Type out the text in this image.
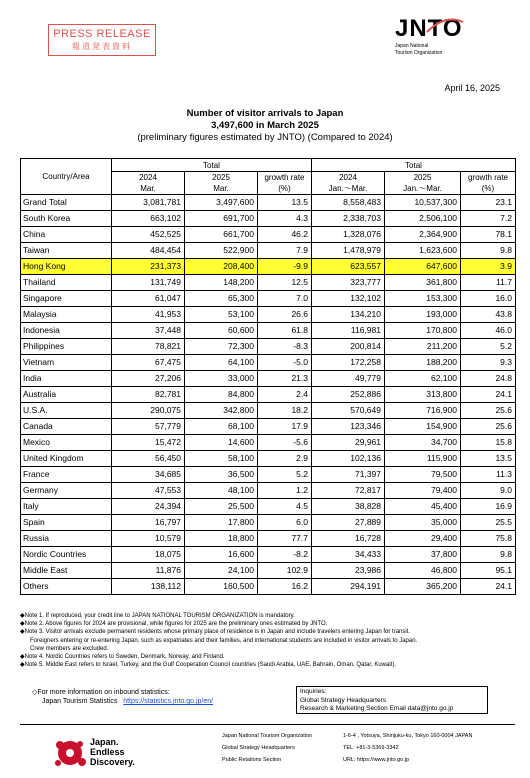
PRESS RELEASE
報道発表資料
JNTO
Japan National
Tourism Organization
April 16, 2025
Number of visitor arrivals to Japan
3,497,600 in March 2025
(preliminary figures estimated by JNTO) (Compared to 2024)
Country/Area	Total			Total		
	2024	2025	growth rate	2024	2025	growth rate
	Mar.	Mar.	(%)	Jan.～Mar.	Jan.～Mar.	(%)
Grand Total	3,081,781	3,497,600	13.5	8,558,483	10,537,300	23.1
South Korea	663,102	691,700	4.3	2,338,703	2,506,100	7.2
China	452,525	661,700	46.2	1,328,076	2,364,900	78.1
Taiwan	484,454	522,900	7.9	1,478,979	1,623,600	9.8
Hong Kong	231,373	208,400	-9.9	623,557	647,600	3.9
Thailand	131,749	148,200	12.5	323,777	361,800	11.7
Singapore	61,047	65,300	7.0	132,102	153,300	16.0
Malaysia	41,953	53,100	26.6	134,210	193,000	43.8
Indonesia	37,448	60,600	61.8	116,981	170,800	46.0
Philippines	78,821	72,300	-8.3	200,814	211,200	5.2
Vietnam	67,475	64,100	-5.0	172,258	188,200	9.3
India	27,206	33,000	21.3	49,779	62,100	24.8
Australia	82,781	84,800	2.4	252,886	313,800	24.1
U.S.A.	290,075	342,800	18.2	570,649	716,900	25.6
Canada	57,779	68,100	17.9	123,346	154,900	25.6
Mexico	15,472	14,600	-5.6	29,961	34,700	15.8
United Kingdom	56,450	58,100	2.9	102,136	115,900	13.5
France	34,685	36,500	5.2	71,397	79,500	11.3
Germany	47,553	48,100	1.2	72,817	79,400	9.0
Italy	24,394	25,500	4.5	38,828	45,400	16.9
Spain	16,797	17,800	6.0	27,889	35,000	25.5
Russia	10,579	18,800	77.7	16,728	29,400	75.8
Nordic Countries	18,075	16,600	-8.2	34,433	37,800	9.8
Middle East	11,876	24,100	102.9	23,986	46,800	95.1
Others	138,112	160,500	16.2	294,191	365,200	24.1
◆Note 1. If reproduced, your credit line to JAPAN NATIONAL TOURISM ORGANIZATION is mandatory.
◆Note 2. Above figures for 2024 are provisional, while figures for 2025 are the preliminary ones estimated by JNTO.
◆Note 3. Visitor arrivals exclude permanent residents whose primary place of residence is in Japan and include travelers entering Japan for transit.
Foreigners entering or re-entering Japan, such as expatriates and their families, and international students are included in visitor arrivals to Japan.
Crew members are excluded.
◆Note 4. Nordic Countries refers to Sweden, Denmark, Norway, and Finland.
◆Note 5. Middle East refers to Israel, Turkey, and the Gulf Cooperation Council countries (Saudi Arabia, UAE, Bahrain, Oman, Qatar, Kuwait).
◇For more information on inbound statistics:
Japan Tourism Statistics https://statistics.jnto.go.jp/en/
Inquiries:
Global Strategy Headquarters
Research & Marketing Section Email data@jnto.go.jp
Japan.
Endless
Discovery.
Japan National Tourism Organization
Global Strategy Headquarters
Public Relations Section
1-6-4 , Yotsuya, Shinjuku-ku, Tokyo 160-0004 JAPAN
TEL: +81-3-5369-3342
URL: https://www.jnto.go.jp
